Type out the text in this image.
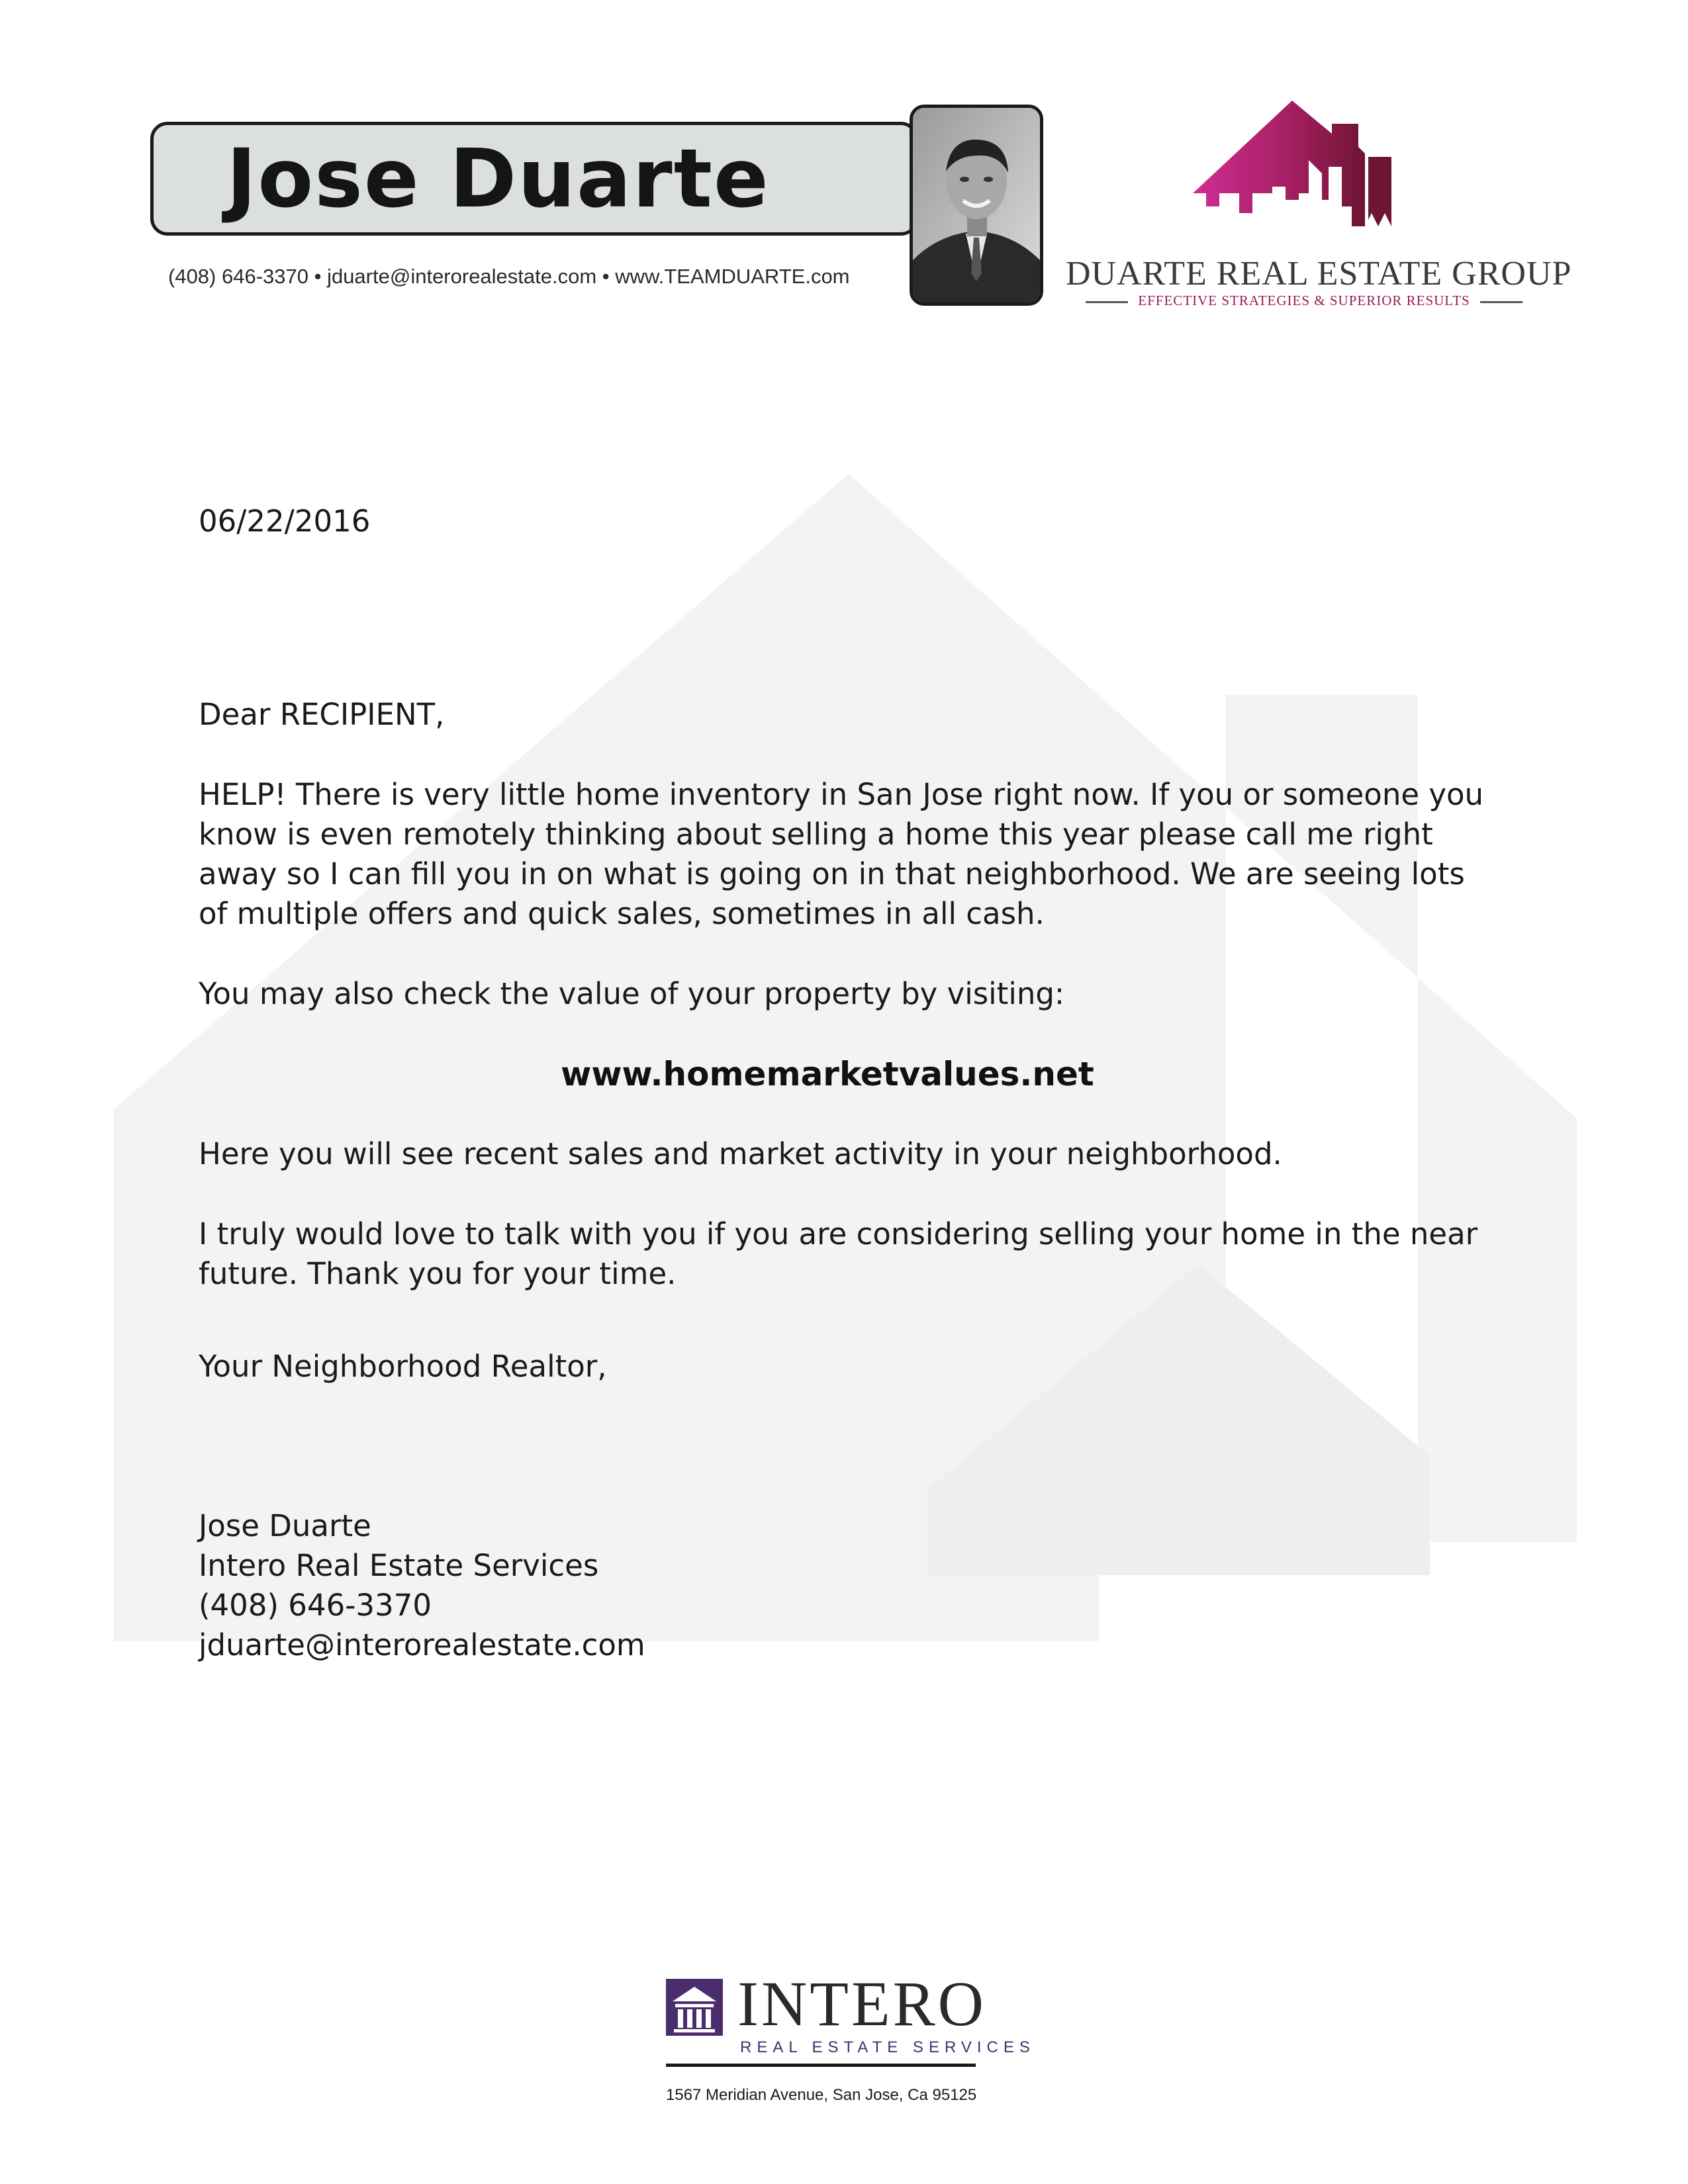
Jose Duarte
(408) 646-3370 • jduarte@interorealestate.com • www.TEAMDUARTE.com	DUARTE REAL ESTATE GROUP
EFFECTIVE STRATEGIES & SUPERIOR RESULTS

06/22/2016

Dear RECIPIENT,

HELP! There is very little home inventory in San Jose right now. If you or someone you know is even remotely thinking about selling a home this year please call me right away so I can fill you in on what is going on in that neighborhood. We are seeing lots of multiple offers and quick sales, sometimes in all cash.

You may also check the value of your property by visiting:

www.homemarketvalues.net

Here you will see recent sales and market activity in your neighborhood.

I truly would love to talk with you if you are considering selling your home in the near future. Thank you for your time.

Your Neighborhood Realtor,

Jose Duarte

Intero Real Estate Services

(408) 646-3370

jduarte@interorealestate.com

INTERO
REAL ESTATE SERVICES
1567 Meridian Avenue, San Jose, Ca 95125
